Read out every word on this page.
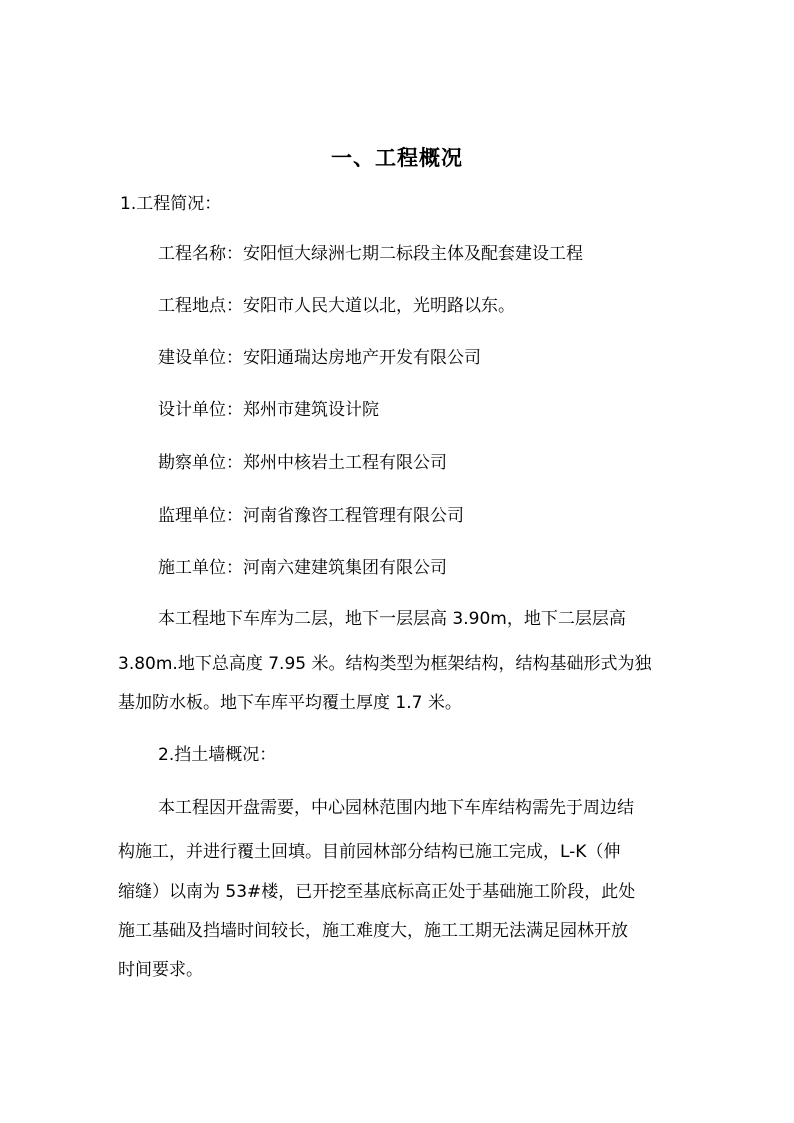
一、工程概况
1.工程简况：
工程名称：安阳恒大绿洲七期二标段主体及配套建设工程
工程地点：安阳市人民大道以北，光明路以东。
建设单位：安阳通瑞达房地产开发有限公司
设计单位：郑州市建筑设计院
勘察单位：郑州中核岩土工程有限公司
监理单位：河南省豫咨工程管理有限公司
施工单位：河南六建建筑集团有限公司
本工程地下车库为二层，地下一层层高 3.90m，地下二层层高
3.80m.地下总高度 7.95 米。结构类型为框架结构，结构基础形式为独
基加防水板。地下车库平均覆土厚度 1.7 米。
2.挡土墙概况：
本工程因开盘需要，中心园林范围内地下车库结构需先于周边结
构施工，并进行覆土回填。目前园林部分结构已施工完成，L-K（伸
缩缝）以南为 53#楼，已开挖至基底标高正处于基础施工阶段，此处
施工基础及挡墙时间较长，施工难度大，施工工期无法满足园林开放
时间要求。
